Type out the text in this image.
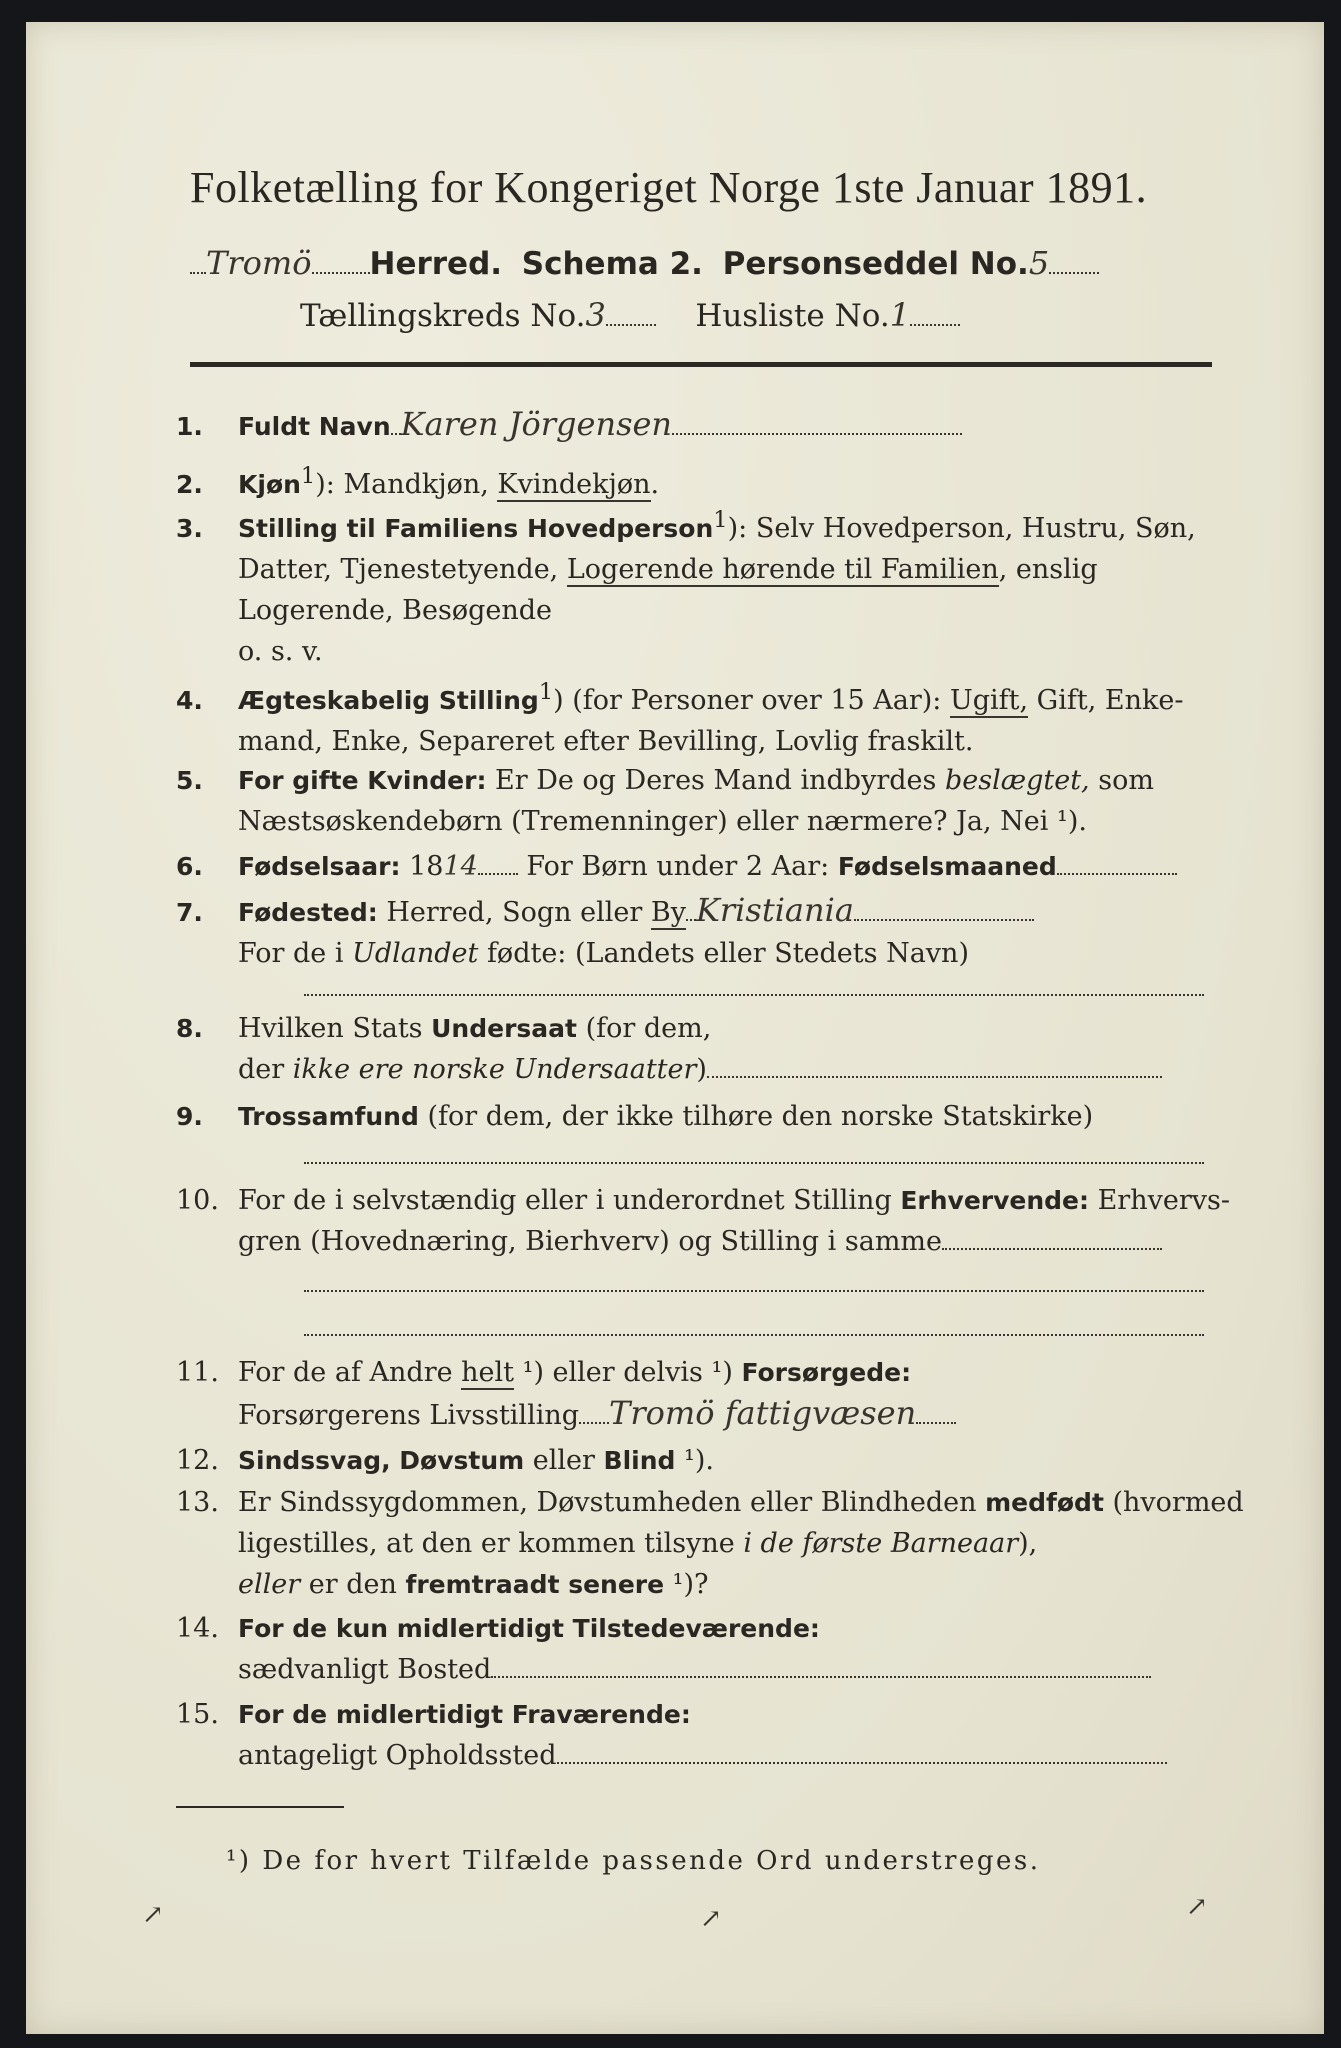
Folketælling for Kongeriget Norge 1ste Januar 1891.
Tromö Herred. Schema 2. Personseddel No.5
Tællingskreds No.3	Husliste No.1
1. Fuldt Navn Karen Jörgensen
2. Kjøn$^1$): Mandkjøn, Kvindekjøn.
3. Stilling til Familiens Hovedperson$^1$): Selv Hovedperson, Hustru, Søn,
Datter, Tjenestetyende, Logerende hørende til Familien, enslig
Logerende, Besøgende
o. s. v.
4. Ægteskabelig Stilling$^1$) (for Personer over 15 Aar): Ugift, Gift, Enke-
mand, Enke, Separeret efter Bevilling, Lovlig fraskilt.
5. For gifte Kvinder: Er De og Deres Mand indbyrdes beslægtet, som
Næstsøskendebørn (Tremenninger) eller nærmere? Ja, Nei ¹).
6. Fødselsaar: 1814 For Børn under 2 Aar: Fødselsmaaned
7. Fødested: Herred, Sogn eller By Kristiania
For de i Udlandet fødte: (Landets eller Stedets Navn)
8. Hvilken Stats Undersaat (for dem,
der ikke ere norske Undersaatter)
9. Trossamfund (for dem, der ikke tilhøre den norske Statskirke)
10. For de i selvstændig eller i underordnet Stilling Erhvervende: Erhvervs-
gren (Hovednæring, Bierhverv) og Stilling i samme
11. For de af Andre helt ¹) eller delvis ¹) Forsørgede:
Forsørgerens Livsstilling Tromö fattigvæsen
12. Sindssvag, Døvstum eller Blind ¹).
13. Er Sindssygdommen, Døvstumheden eller Blindheden medfødt (hvormed
ligestilles, at den er kommen tilsyne i de første Barneaar),
eller er den fremtraadt senere ¹)?
14. For de kun midlertidigt Tilstedeværende:
sædvanligt Bosted
15. For de midlertidigt Fraværende:
antageligt Opholdssted
¹) De for hvert Tilfælde passende Ord understreges.
↗	↗	↗
